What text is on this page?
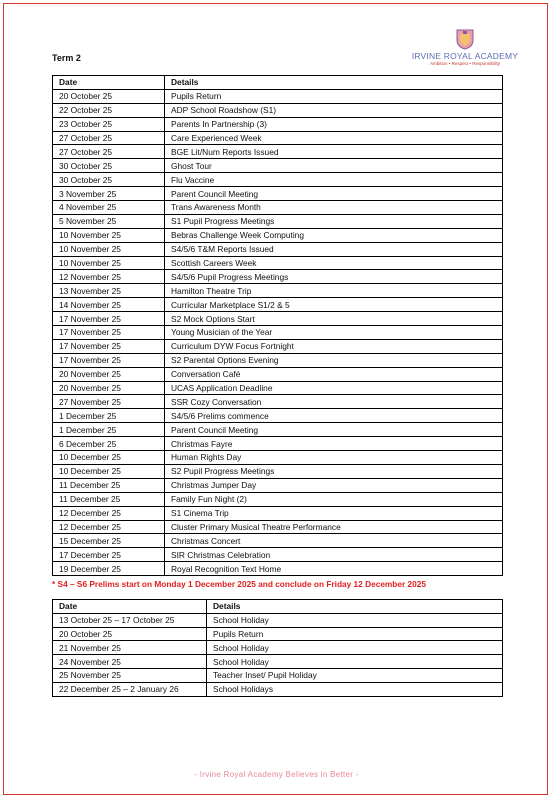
IRVINE ROYAL ACADEMY
Ambition • Respect • Responsibility
Term 2
Date	Details
20 October 25	Pupils Return
22 October 25	ADP School Roadshow (S1)
23 October 25	Parents In Partnership (3)
27 October 25	Care Experienced Week
27 October 25	BGE Lit/Num Reports Issued
30 October 25	Ghost Tour
30 October 25	Flu Vaccine
3 November 25	Parent Council Meeting
4 November 25	Trans Awareness Month
5 November 25	S1 Pupil Progress Meetings
10 November 25	Bebras Challenge Week Computing
10 November 25	S4/5/6 T&M Reports Issued
10 November 25	Scottish Careers Week
12 November 25	S4/5/6 Pupil Progress Meetings
13 November 25	Hamilton Theatre Trip
14 November 25	Curricular Marketplace S1/2 & 5
17 November 25	S2 Mock Options Start
17 November 25	Young Musician of the Year
17 November 25	Curriculum DYW Focus Fortnight
17 November 25	S2 Parental Options Evening
20 November 25	Conversation Café
20 November 25	UCAS Application Deadline
27 November 25	SSR Cozy Conversation
1 December 25	S4/5/6 Prelims commence
1 December 25	Parent Council Meeting
6 December 25	Christmas Fayre
10 December 25	Human Rights Day
10 December 25	S2 Pupil Progress Meetings
11 December 25	Christmas Jumper Day
11 December 25	Family Fun Night (2)
12 December 25	S1 Cinema Trip
12 December 25	Cluster Primary Musical Theatre Performance
15 December 25	Christmas Concert
17 December 25	SIR Christmas Celebration
19 December 25	Royal Recognition Text Home
* S4 – S6 Prelims start on Monday 1 December 2025 and conclude on Friday 12 December 2025
Date	Details
13 October 25 – 17 October 25	School Holiday
20 October 25	Pupils Return
21 November 25	School Holiday
24 November 25	School Holiday
25 November 25	Teacher Inset/ Pupil Holiday
22 December 25 – 2 January 26	School Holidays
- Irvine Royal Academy Believes in Better -
